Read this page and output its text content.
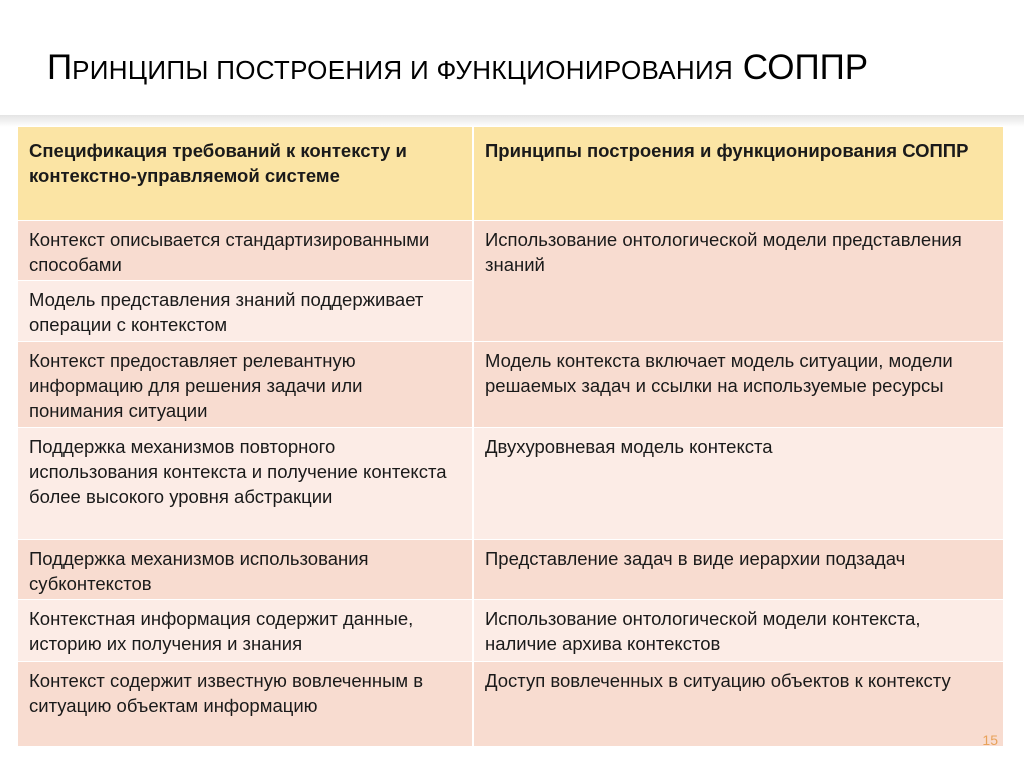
ПРИНЦИПЫ ПОСТРОЕНИЯ И ФУНКЦИОНИРОВАНИЯ СОППР
Спецификация требований к контексту и контекстно-управляемой системе	Принципы построения и функционирования СОППР
Контекст описывается стандартизированными способами	Использование онтологической модели представления знаний
Модель представления знаний поддерживает операции с контекстом	
Контекст предоставляет релевантную информацию для решения задачи или понимания ситуации	Модель контекста включает модель ситуации, модели решаемых задач и ссылки на используемые ресурсы
Поддержка механизмов повторного использования контекста и получение контекста более высокого уровня абстракции	Двухуровневая модель контекста
Поддержка механизмов использования субконтекстов	Представление задач в виде иерархии подзадач
Контекстная информация содержит данные, историю их получения и знания	Использование онтологической модели контекста, наличие архива контекстов
Контекст содержит известную вовлеченным в ситуацию объектам информацию	Доступ вовлеченных в ситуацию объектов к контексту
15
